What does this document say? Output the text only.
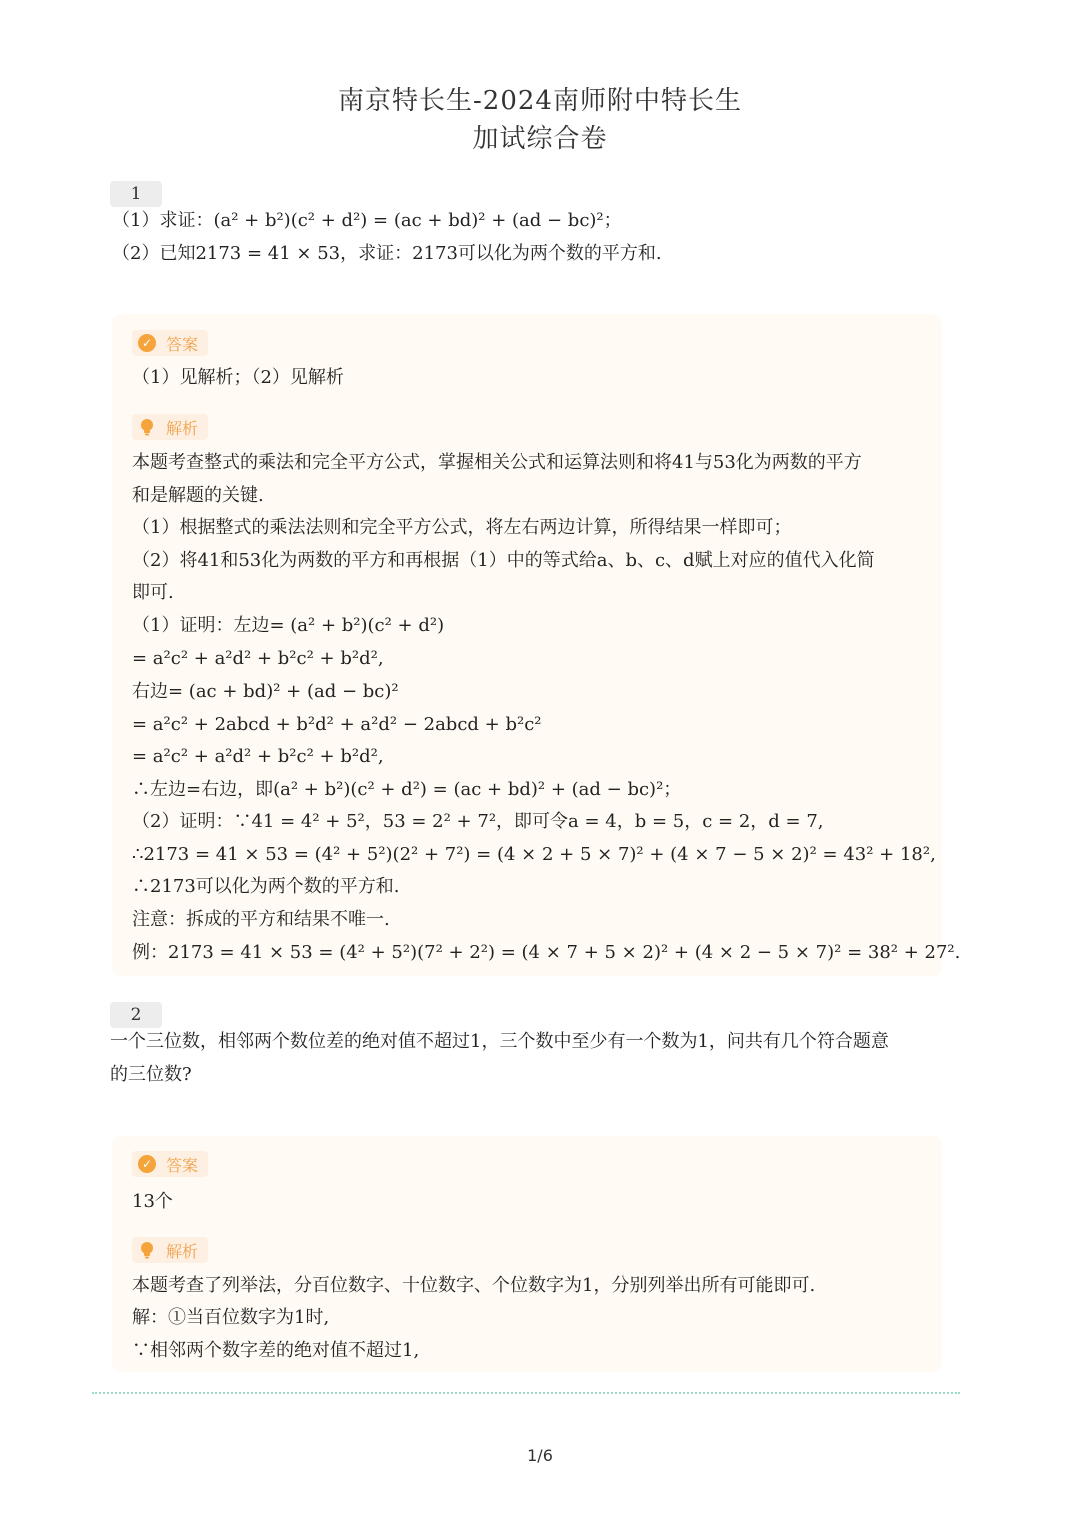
南京特长生-2024南师附中特长生
加试综合卷
1
（1）求证：(a² + b²)(c² + d²) = (ac + bd)² + (ad − bc)²；
（2）已知2173 = 41 × 53，求证：2173可以化为两个数的平方和.
✓ 答案
（1）见解析；（2）见解析
解析
本题考查整式的乘法和完全平方公式，掌握相关公式和运算法则和将41与53化为两数的平方
和是解题的关键.
（1）根据整式的乘法法则和完全平方公式，将左右两边计算，所得结果一样即可；
（2）将41和53化为两数的平方和再根据（1）中的等式给a、b、c、d赋上对应的值代入化简
即可.
（1）证明：左边= (a² + b²)(c² + d²)
= a²c² + a²d² + b²c² + b²d²,
右边= (ac + bd)² + (ad − bc)²
= a²c² + 2abcd + b²d² + a²d² − 2abcd + b²c²
= a²c² + a²d² + b²c² + b²d²,
∴左边=右边，即(a² + b²)(c² + d²) = (ac + bd)² + (ad − bc)²；
（2）证明：∵41 = 4² + 5²，53 = 2² + 7²，即可令a = 4，b = 5，c = 2，d = 7,
∴2173 = 41 × 53 = (4² + 5²)(2² + 7²) = (4 × 2 + 5 × 7)² + (4 × 7 − 5 × 2)² = 43² + 18²,
∴2173可以化为两个数的平方和.
注意：拆成的平方和结果不唯一.
例：2173 = 41 × 53 = (4² + 5²)(7² + 2²) = (4 × 7 + 5 × 2)² + (4 × 2 − 5 × 7)² = 38² + 27².
2
一个三位数，相邻两个数位差的绝对值不超过1，三个数中至少有一个数为1，问共有几个符合题意
的三位数?
✓ 答案
13个
解析
本题考查了列举法，分百位数字、十位数字、个位数字为1，分别列举出所有可能即可.
解：①当百位数字为1时,
∵相邻两个数字差的绝对值不超过1,
1/6
